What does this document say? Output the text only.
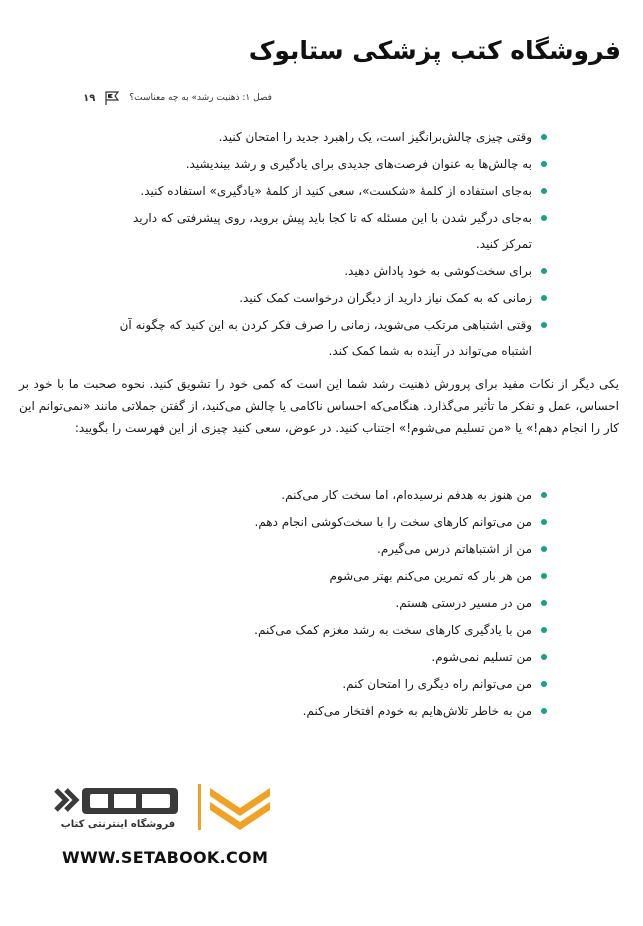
فروشگاه کتب پزشکی ستابوک
فصل ۱: ذهنیت رشد» به چه معناست؟
۱۹
وقتی چیزی چالش‌برانگیز است، یک راهبرد جدید را امتحان کنید.
به چالش‌ها به عنوان فرصت‌های جدیدی برای یادگیری و رشد بیندیشید.
به‌جای استفاده از کلمهٔ «شکست»، سعی کنید از کلمهٔ «یادگیری» استفاده کنید.
به‌جای درگیر شدن با این مسئله که تا کجا باید پیش بروید، روی پیشرفتی که دارید تمرکز کنید.
برای سخت‌کوشی به خود پاداش دهید.
زمانی که به کمک نیاز دارید از دیگران درخواست کمک کنید.
وقتی اشتباهی مرتکب می‌شوید، زمانی را صرف فکر کردن به این کنید که چگونه آن اشتباه می‌تواند در آینده به شما کمک کند.

یکی دیگر از نکات مفید برای پرورش ذهنیت رشد شما این است که کمی خود را تشویق کنید. نحوه صحبت ما با خود بر احساس، عمل و تفکر ما تأثیر می‌گذارد. هنگامی‌که احساس ناکامی یا چالش می‌کنید، از گفتن جملاتی مانند «نمی‌توانم این کار را انجام دهم!» یا «من تسلیم می‌شوم!» اجتناب کنید. در عوض، سعی کنید چیزی از این فهرست را بگویید:

من هنوز به هدفم نرسیده‌ام، اما سخت کار می‌کنم.
من می‌توانم کارهای سخت را با سخت‌کوشی انجام دهم.
من از اشتباهاتم درس می‌گیرم.
من هر بار که تمرین می‌کنم بهتر می‌شوم
من در مسیر درستی هستم.
من با یادگیری کارهای سخت به رشد مغزم کمک می‌کنم.
من تسلیم نمی‌شوم.
من می‌توانم راه دیگری را امتحان کنم.
من به خاطر تلاش‌هایم به خودم افتخار می‌کنم.
فروشگاه اینترنتی کتاب

WWW.SETABOOK.COM
